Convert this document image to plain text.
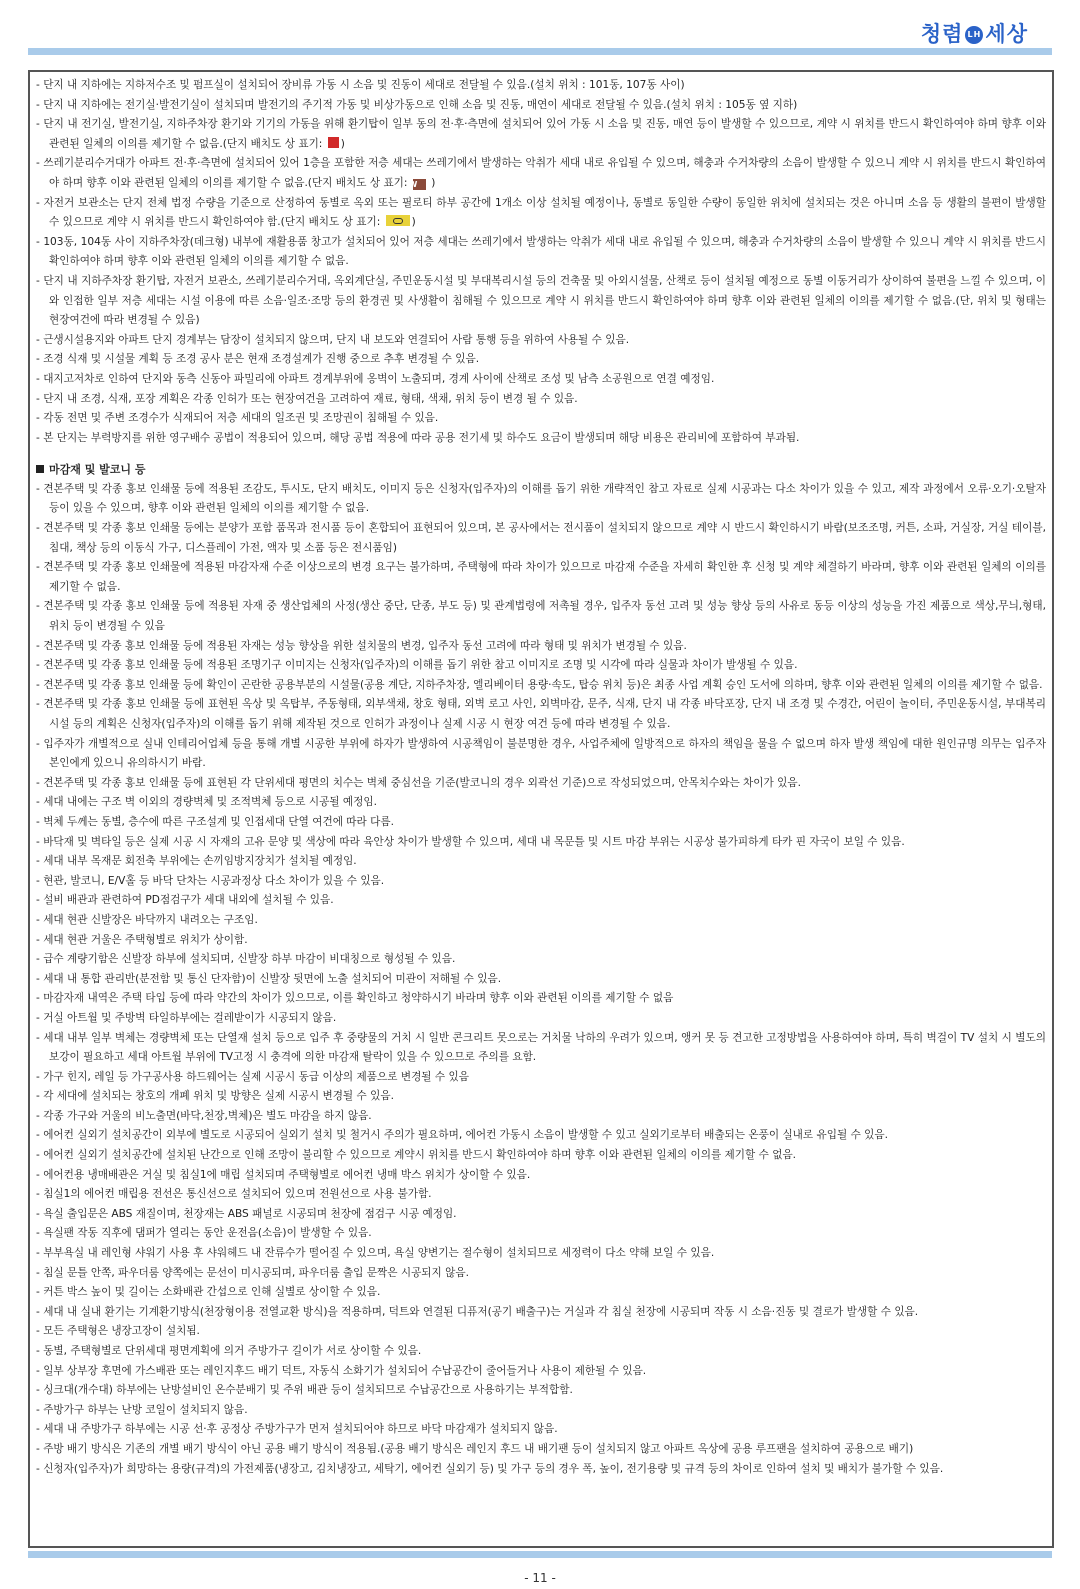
청렴 LH 세상

- 단지 내 지하에는 지하저수조 및 펌프실이 설치되어 장비류 가동 시 소음 및 진동이 세대로 전달될 수 있음.(설치 위치 : 101동, 107동 사이)

- 단지 내 지하에는 전기실·발전기실이 설치되며 발전기의 주기적 가동 및 비상가동으로 인해 소음 및 진동, 매연이 세대로 전달될 수 있음.(설치 위치 : 105동 옆 지하)

- 단지 내 전기실, 발전기실, 지하주차장 환기와 기기의 가동을 위해 환기탑이 일부 동의 전·후·측면에 설치되어 있어 가동 시 소음 및 진동, 매연 등이 발생할 수 있으므로, 계약 시 위치를 반드시 확인하여야 하며 향후 이와 관련된 일체의 이의를 제기할 수 없음.(단지 배치도 상 표기: )

- 쓰레기분리수거대가 아파트 전·후·측면에 설치되어 있어 1층을 포함한 저층 세대는 쓰레기에서 발생하는 악취가 세대 내로 유입될 수 있으며, 해충과 수거차량의 소음이 발생할 수 있으니 계약 시 위치를 반드시 확인하여야 하며 향후 이와 관련된 일체의 이의를 제기할 수 없음.(단지 배치도 상 표기: W )

- 자전거 보관소는 단지 전체 법정 수량을 기준으로 산정하여 동별로 옥외 또는 필로티 하부 공간에 1개소 이상 설치될 예정이나, 동별로 동일한 수량이 동일한 위치에 설치되는 것은 아니며 소음 등 생활의 불편이 발생할 수 있으므로 계약 시 위치를 반드시 확인하여야 함.(단지 배치도 상 표기:	)

- 103동, 104동 사이 지하주차장(데크형) 내부에 재활용품 창고가 설치되어 있어 저층 세대는 쓰레기에서 발생하는 악취가 세대 내로 유입될 수 있으며, 해충과 수거차량의 소음이 발생할 수 있으니 계약 시 위치를 반드시 확인하여야 하며 향후 이와 관련된 일체의 이의를 제기할 수 없음.

- 단지 내 지하주차장 환기탑, 자전거 보관소, 쓰레기분리수거대, 옥외계단실, 주민운동시설 및 부대복리시설 등의 건축물 및 아외시설물, 산책로 등이 설치될 예정으로 동별 이동거리가 상이하여 불편을 느낄 수 있으며, 이와 인접한 일부 저층 세대는 시설 이용에 따른 소음·일조·조망 등의 환경권 및 사생활이 침해될 수 있으므로 계약 시 위치를 반드시 확인하여야 하며 향후 이와 관련된 일체의 이의를 제기할 수 없음.(단, 위치 및 형태는 현장여건에 따라 변경될 수 있음)

- 근생시설용지와 아파트 단지 경계부는 담장이 설치되지 않으며, 단지 내 보도와 연결되어 사람 통행 등을 위하여 사용될 수 있음.

- 조경 식재 및 시설물 계획 등 조경 공사 분은 현재 조경설계가 진행 중으로 추후 변경될 수 있음.

- 대지고저차로 인하여 단지와 동측 신동아 파밀리에 아파트 경계부위에 옹벽이 노출되며, 경계 사이에 산책로 조성 및 남측 소공원으로 연결 예정임.

- 단지 내 조경, 식재, 포장 계획은 각종 인허가 또는 현장여건을 고려하여 재료, 형태, 색채, 위치 등이 변경 될 수 있음.

- 각동 전면 및 주변 조경수가 식재되어 저층 세대의 일조권 및 조망권이 침해될 수 있음.

- 본 단지는 부력방지를 위한 영구배수 공법이 적용되어 있으며, 해당 공법 적용에 따라 공용 전기세 및 하수도 요금이 발생되며 해당 비용은 관리비에 포함하여 부과됨.

마감재 및 발코니 등

- 견본주택 및 각종 홍보 인쇄물 등에 적용된 조감도, 투시도, 단지 배치도, 이미지 등은 신청자(입주자)의 이해를 돕기 위한 개략적인 참고 자료로 실제 시공과는 다소 차이가 있을 수 있고, 제작 과정에서 오류·오기·오탈자 등이 있을 수 있으며, 향후 이와 관련된 일체의 이의를 제기할 수 없음.

- 견본주택 및 각종 홍보 인쇄물 등에는 분양가 포함 품목과 전시품 등이 혼합되어 표현되어 있으며, 본 공사에서는 전시품이 설치되지 않으므로 계약 시 반드시 확인하시기 바람(보조조명, 커튼, 소파, 거실장, 거실 테이블, 침대, 책상 등의 이동식 가구, 디스플레이 가전, 액자 및 소품 등은 전시품임)

- 견본주택 및 각종 홍보 인쇄물에 적용된 마감자재 수준 이상으로의 변경 요구는 불가하며, 주택형에 따라 차이가 있으므로 마감재 수준을 자세히 확인한 후 신청 및 계약 체결하기 바라며, 향후 이와 관련된 일체의 이의를 제기할 수 없음.

- 견본주택 및 각종 홍보 인쇄물 등에 적용된 자재 중 생산업체의 사정(생산 중단, 단종, 부도 등) 및 관계법령에 저촉될 경우, 입주자 동선 고려 및 성능 향상 등의 사유로 동등 이상의 성능을 가진 제품으로 색상,무늬,형태,위치 등이 변경될 수 있음

- 견본주택 및 각종 홍보 인쇄물 등에 적용된 자재는 성능 향상을 위한 설치물의 변경, 입주자 동선 고려에 따라 형태 및 위치가 변경될 수 있음.

- 견본주택 및 각종 홍보 인쇄물 등에 적용된 조명기구 이미지는 신청자(입주자)의 이해를 돕기 위한 참고 이미지로 조명 및 시각에 따라 실물과 차이가 발생될 수 있음.

- 견본주택 및 각종 홍보 인쇄물 등에 확인이 곤란한 공용부분의 시설물(공용 계단, 지하주차장, 엘리베이터 용량·속도, 탑승 위치 등)은 최종 사업 계획 승인 도서에 의하며, 향후 이와 관련된 일체의 이의를 제기할 수 없음.

- 견본주택 및 각종 홍보 인쇄물 등에 표현된 옥상 및 옥탑부, 주동형태, 외부색채, 창호 형태, 외벽 로고 사인, 외벽마감, 문주, 식재, 단지 내 각종 바닥포장, 단지 내 조경 및 수경간, 어린이 놀이터, 주민운동시설, 부대복리시설 등의 계획은 신청자(입주자)의 이해를 돕기 위해 제작된 것으로 인허가 과정이나 실제 시공 시 현장 여건 등에 따라 변경될 수 있음.

- 입주자가 개별적으로 실내 인테리어업체 등을 통해 개별 시공한 부위에 하자가 발생하여 시공책임이 불분명한 경우, 사업주체에 일방적으로 하자의 책임을 물을 수 없으며 하자 발생 책임에 대한 원인규명 의무는 입주자 본인에게 있으니 유의하시기 바람.

- 견본주택 및 각종 홍보 인쇄물 등에 표현된 각 단위세대 평면의 치수는 벽체 중심선을 기준(발코니의 경우 외곽선 기준)으로 작성되었으며, 안목치수와는 차이가 있음.

- 세대 내에는 구조 벽 이외의 경량벽체 및 조적벽체 등으로 시공될 예정임.

- 벽체 두께는 동별, 층수에 따른 구조설계 및 인접세대 단열 여건에 따라 다름.

- 바닥재 및 벽타일 등은 실제 시공 시 자재의 고유 문양 및 색상에 따라 육안상 차이가 발생할 수 있으며, 세대 내 목문틀 및 시트 마감 부위는 시공상 불가피하게 타카 핀 자국이 보일 수 있음.

- 세대 내부 목재문 회전축 부위에는 손끼임방지장치가 설치될 예정임.

- 현관, 발코니, E/V홀 등 바닥 단차는 시공과정상 다소 차이가 있을 수 있음.

- 설비 배관과 관련하여 PD점검구가 세대 내외에 설치될 수 있음.

- 세대 현관 신발장은 바닥까지 내려오는 구조임.

- 세대 현관 거울은 주택형별로 위치가 상이함.

- 급수 계량기함은 신발장 하부에 설치되며, 신발장 하부 마감이 비대칭으로 형성될 수 있음.

- 세대 내 통합 관리반(분전함 및 통신 단자함)이 신발장 뒷면에 노출 설치되어 미관이 저해될 수 있음.

- 마감자재 내역은 주택 타입 등에 따라 약간의 차이가 있으므로, 이를 확인하고 청약하시기 바라며 향후 이와 관련된 이의를 제기할 수 없음

- 거실 아트월 및 주방벽 타일하부에는 걸레받이가 시공되지 않음.

- 세대 내부 일부 벽체는 경량벽체 또는 단열재 설치 등으로 입주 후 중량물의 거치 시 일반 콘크리트 못으로는 거치물 낙하의 우려가 있으며, 앵커 못 등 견고한 고정방법을 사용하여야 하며, 특히 벽걸이 TV 설치 시 별도의 보강이 필요하고 세대 아트월 부위에 TV고정 시 충격에 의한 마감재 탈락이 있을 수 있으므로 주의를 요함.

- 가구 힌지, 레일 등 가구공사용 하드웨어는 실제 시공시 동급 이상의 제품으로 변경될 수 있음

- 각 세대에 설치되는 창호의 개폐 위치 및 방향은 실제 시공시 변경될 수 있음.

- 각종 가구와 거울의 비노출면(바닥,천장,벽체)은 별도 마감을 하지 않음.

- 에어컨 실외기 설치공간이 외부에 별도로 시공되어 실외기 설치 및 철거시 주의가 필요하며, 에어컨 가동시 소음이 발생할 수 있고 실외기로부터 배출되는 온풍이 실내로 유입될 수 있음.

- 에어컨 실외기 설치공간에 설치된 난간으로 인해 조망이 불리할 수 있으므로 계약시 위치를 반드시 확인하여야 하며 향후 이와 관련된 일체의 이의를 제기할 수 없음.

- 에어컨용 냉매배관은 거실 및 침실1에 매립 설치되며 주택형별로 에어컨 냉매 박스 위치가 상이할 수 있음.

- 침실1의 에어컨 매립용 전선은 통신선으로 설치되어 있으며 전원선으로 사용 불가함.

- 욕실 출입문은 ABS 재질이며, 천장재는 ABS 패널로 시공되며 천장에 점검구 시공 예정임.

- 욕실팬 작동 직후에 댐퍼가 열리는 동안 운전음(소음)이 발생할 수 있음.

- 부부욕실 내 레인형 샤워기 사용 후 샤워헤드 내 잔류수가 떨어질 수 있으며, 욕실 양변기는 절수형이 설치되므로 세정력이 다소 약해 보일 수 있음.

- 침실 문틀 안쪽, 파우더룸 양쪽에는 문선이 미시공되며, 파우더룸 출입 문짝은 시공되지 않음.

- 커튼 박스 높이 및 길이는 소화배관 간섭으로 인해 실별로 상이할 수 있음.

- 세대 내 실내 환기는 기계환기방식(천장형이용 전열교환 방식)을 적용하며, 덕트와 연결된 디퓨저(공기 배출구)는 거실과 각 침실 천장에 시공되며 작동 시 소음·진동 및 결로가 발생할 수 있음.

- 모든 주택형은 냉장고장이 설치됨.

- 동별, 주택형별로 단위세대 평면계획에 의거 주방가구 길이가 서로 상이할 수 있음.

- 일부 상부장 후면에 가스배관 또는 레인지후드 배기 덕트, 자동식 소화기가 설치되어 수납공간이 줄어들거나 사용이 제한될 수 있음.

- 싱크대(개수대) 하부에는 난방설비인 온수분배기 및 주위 배관 등이 설치되므로 수납공간으로 사용하기는 부적합함.

- 주방가구 하부는 난방 코일이 설치되지 않음.

- 세대 내 주방가구 하부에는 시공 선·후 공정상 주방가구가 먼저 설치되어야 하므로 바닥 마감재가 설치되지 않음.

- 주방 배기 방식은 기존의 개별 배기 방식이 아닌 공용 배기 방식이 적용됨.(공용 배기 방식은 레인지 후드 내 배기팬 등이 설치되지 않고 아파트 옥상에 공용 루프팬을 설치하여 공용으로 배기)

- 신청자(입주자)가 희망하는 용량(규격)의 가전제품(냉장고, 김치냉장고, 세탁기, 에어컨 실외기 등) 및 가구 등의 경우 폭, 높이, 전기용량 및 규격 등의 차이로 인하여 설치 및 배치가 불가할 수 있음.

- 11 -
